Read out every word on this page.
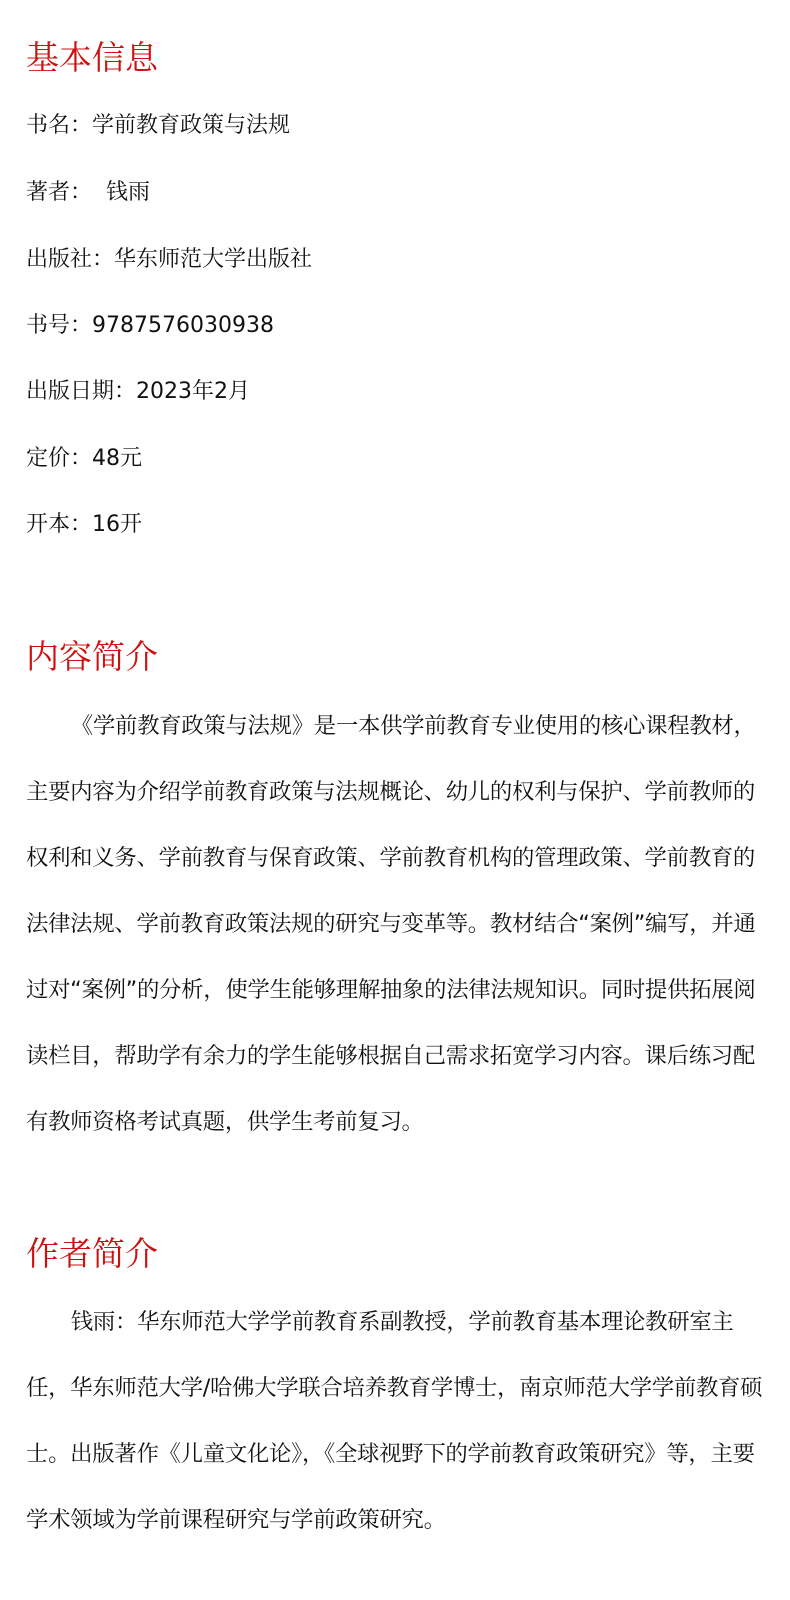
基本信息
书名：学前教育政策与法规
著者：  钱雨
出版社：华东师范大学出版社
书号：9787576030938
出版日期：2023年2月
定价：48元
开本：16开
内容简介

《学前教育政策与法规》是一本供学前教育专业使用的核心课程教材，主要内容为介绍学前教育政策与法规概论、幼儿的权利与保护、学前教师的权利和义务、学前教育与保育政策、学前教育机构的管理政策、学前教育的法律法规、学前教育政策法规的研究与变革等。教材结合“案例”编写，并通过对“案例”的分析，使学生能够理解抽象的法律法规知识。同时提供拓展阅读栏目，帮助学有余力的学生能够根据自己需求拓宽学习内容。课后练习配有教师资格考试真题，供学生考前复习。

作者简介

钱雨：华东师范大学学前教育系副教授，学前教育基本理论教研室主任，华东师范大学/哈佛大学联合培养教育学博士，南京师范大学学前教育硕士。出版著作《儿童文化论》，《全球视野下的学前教育政策研究》等，主要学术领域为学前课程研究与学前政策研究。
